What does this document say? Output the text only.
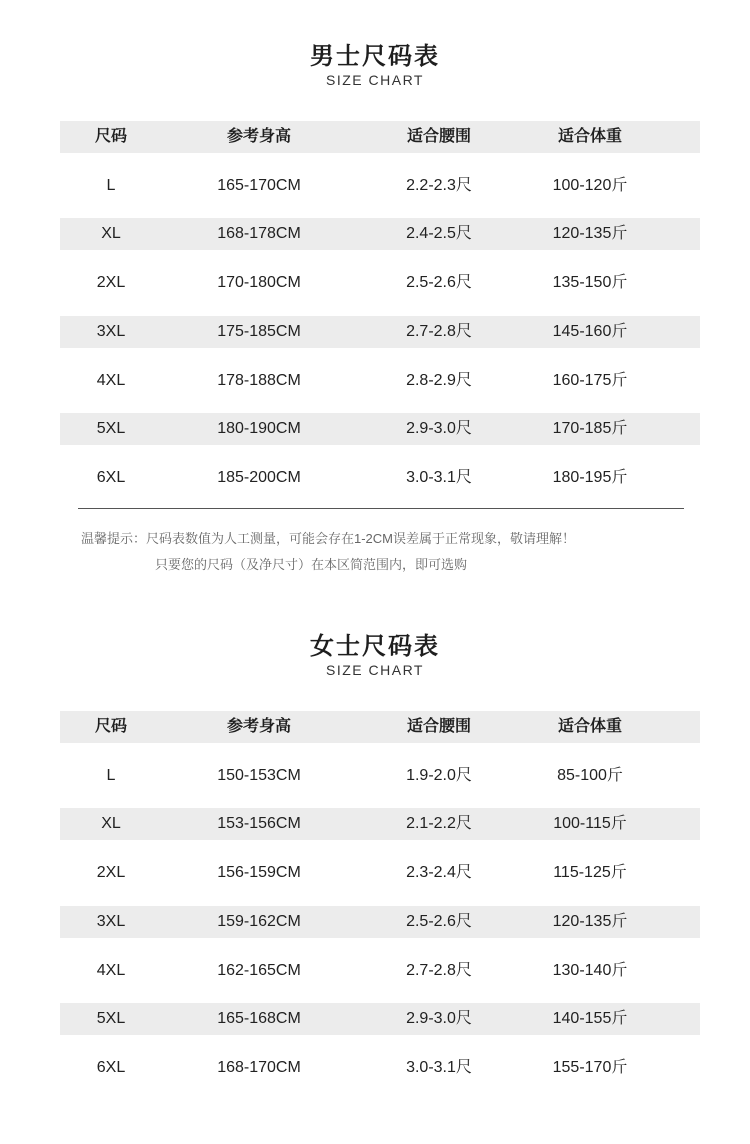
男士尺码表
SIZE CHART
尺码	参考身高	适合腰围	适合体重
L	165-170CM	2.2-2.3尺	100-120斤
XL	168-178CM	2.4-2.5尺	120-135斤
2XL	170-180CM	2.5-2.6尺	135-150斤
3XL	175-185CM	2.7-2.8尺	145-160斤
4XL	178-188CM	2.8-2.9尺	160-175斤
5XL	180-190CM	2.9-3.0尺	170-185斤
6XL	185-200CM	3.0-3.1尺	180-195斤
温馨提示：尺码表数值为人工测量，可能会存在1-2CM误差属于正常现象，敬请理解！
只要您的尺码（及净尺寸）在本区简范围内，即可选购
女士尺码表
SIZE CHART
尺码	参考身高	适合腰围	适合体重
L	150-153CM	1.9-2.0尺	85-100斤
XL	153-156CM	2.1-2.2尺	100-115斤
2XL	156-159CM	2.3-2.4尺	115-125斤
3XL	159-162CM	2.5-2.6尺	120-135斤
4XL	162-165CM	2.7-2.8尺	130-140斤
5XL	165-168CM	2.9-3.0尺	140-155斤
6XL	168-170CM	3.0-3.1尺	155-170斤
